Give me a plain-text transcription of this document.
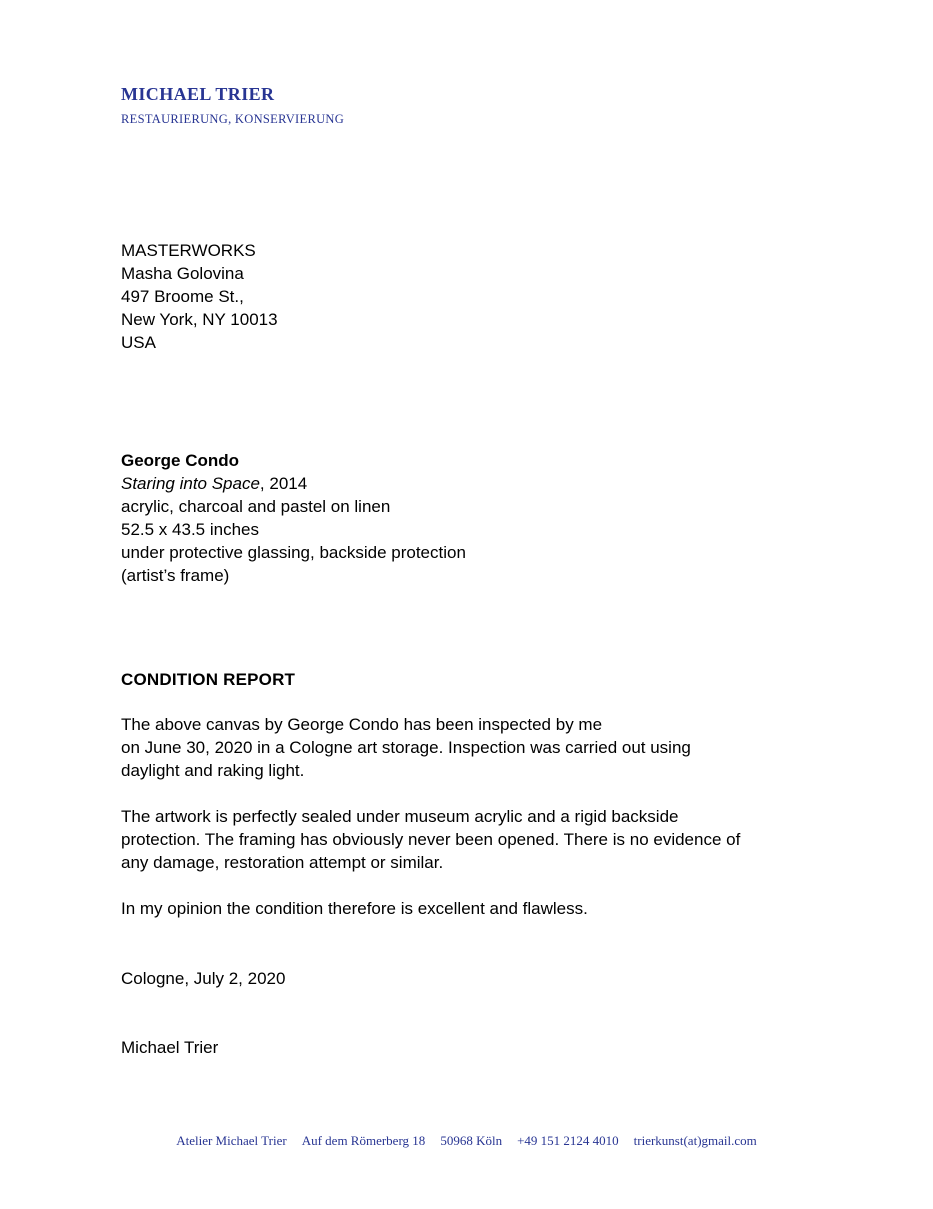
MICHAEL TRIER
RESTAURIERUNG, KONSERVIERUNG
MASTERWORKS
Masha Golovina
497 Broome St.,
New York, NY 10013
USA
George Condo
Staring into Space, 2014
acrylic, charcoal and pastel on linen
52.5 x 43.5 inches
under protective glassing, backside protection
(artist’s frame)
CONDITION REPORT
The above canvas by George Condo has been inspected by me
on June 30, 2020 in a Cologne art storage. Inspection was carried out using
daylight and raking light.
The artwork is perfectly sealed under museum acrylic and a rigid backside
protection. The framing has obviously never been opened. There is no evidence of
any damage, restoration attempt or similar.
In my opinion the condition therefore is excellent and flawless.
Cologne, July 2, 2020
Michael Trier
Atelier Michael Trier Auf dem Römerberg 18 50968 Köln +49 151 2124 4010 trierkunst(at)gmail.com
